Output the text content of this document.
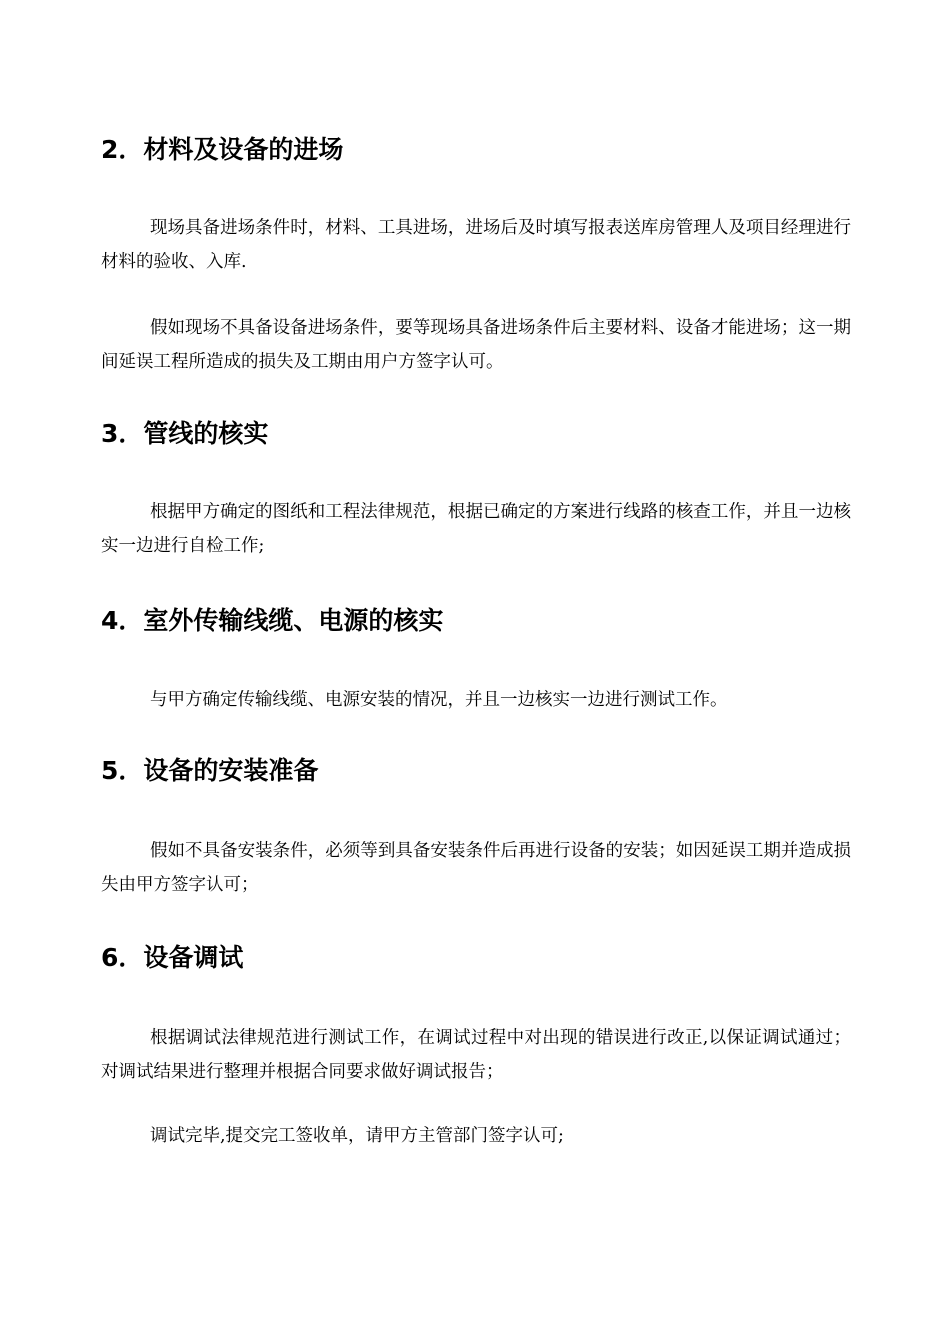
2．材料及设备的进场

现场具备进场条件时，材料、工具进场，进场后及时填写报表送库房管理人及项目经理进行材料的验收、入库.

假如现场不具备设备进场条件，要等现场具备进场条件后主要材料、设备才能进场；这一期间延误工程所造成的损失及工期由用户方签字认可。

3．管线的核实

根据甲方确定的图纸和工程法律规范，根据已确定的方案进行线路的核查工作，并且一边核实一边进行自检工作;

4．室外传输线缆、电源的核实

与甲方确定传输线缆、电源安装的情况，并且一边核实一边进行测试工作。

5．设备的安装准备

假如不具备安装条件，必须等到具备安装条件后再进行设备的安装；如因延误工期并造成损失由甲方签字认可；

6．设备调试

根据调试法律规范进行测试工作，在调试过程中对出现的错误进行改正,以保证调试通过；对调试结果进行整理并根据合同要求做好调试报告；

调试完毕,提交完工签收单，请甲方主管部门签字认可;
